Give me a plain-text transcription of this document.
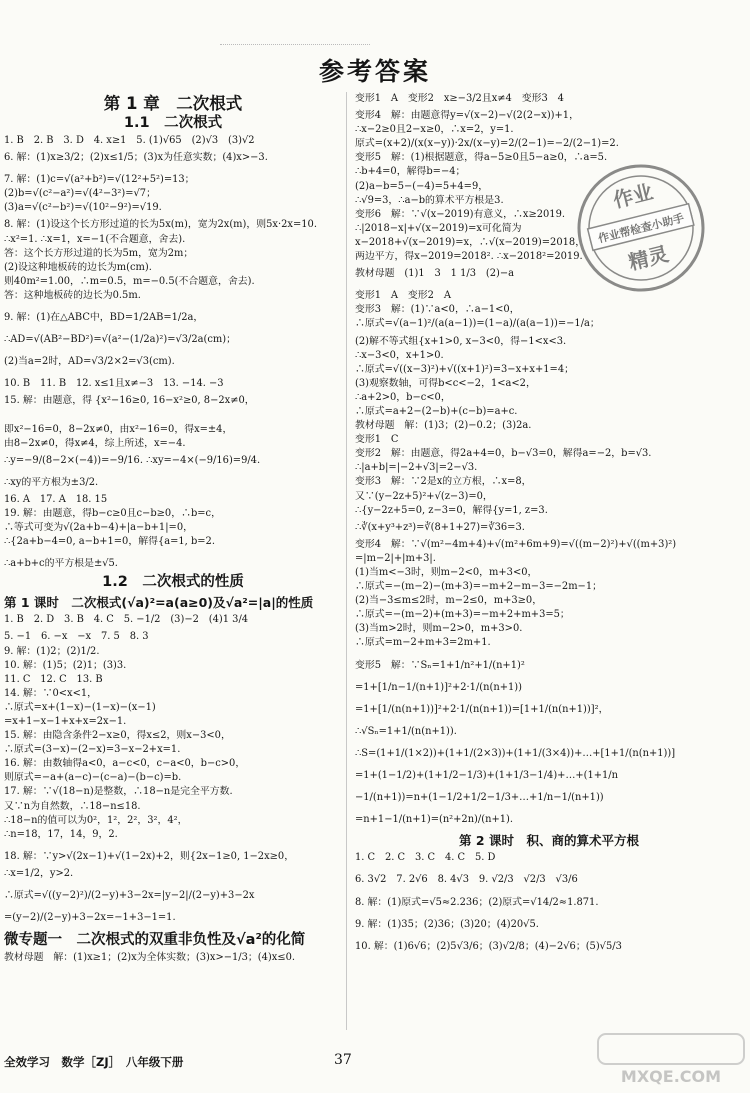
参考答案
第 1 章　二次根式
1.1　二次根式
1. B　2. B　3. D　4. x≥1　5. (1)√65　(2)√3　(3)√2
6. 解：(1)x≥3/2；(2)x≤1/5；(3)x为任意实数；(4)x>−3.
7. 解：(1)c=√(a²+b²)=√(12²+5²)=13；
(2)b=√(c²−a²)=√(4²−3²)=√7；
(3)a=√(c²−b²)=√(10²−9²)=√19.
8. 解：(1)设这个长方形过道的长为5x(m)，宽为2x(m)，则5x·2x=10.
∴x²=1. ∴x=1，x=−1(不合题意，舍去).
答：这个长方形过道的长为5m，宽为2m；
(2)设这种地板砖的边长为m(cm).
则40m²=1.00，∴m=0.5，m=−0.5(不合题意，舍去).
答：这种地板砖的边长为0.5m.
9. 解：(1)在△ABC中，BD=1/2AB=1/2a，
∴AD=√(AB²−BD²)=√(a²−(1/2a)²)=√3/2a(cm)；
(2)当a=2时，AD=√3/2×2=√3(cm).
10. B　11. B　12. x≤1且x≠−3　13. −14. −3
15. 解：由题意，得 {x²−16≥0, 16−x²≥0, 8−2x≠0，
即x²−16=0，8−2x≠0，由x²−16=0，得x=±4，
由8−2x≠0，得x≠4，综上所述，x=−4.
∴y=−9/(8−2×(−4))=−9/16. ∴xy=−4×(−9/16)=9/4.
∴xy的平方根为±3/2.
16. A　17. A　18. 15
19. 解：由题意，得b−c≥0且c−b≥0，∴b=c，
∴等式可变为√(2a+b−4)+|a−b+1|=0，
∴{2a+b−4=0, a−b+1=0，解得{a=1, b=2.
∴a+b+c的平方根是±√5.
1.2　二次根式的性质
第 1 课时　二次根式(√a)²=a(a≥0)及√a²=|a|的性质
1. B　2. D　3. B　4. C　5. −1/2　(3)−2　(4)1 3/4
5. −1　6. −x　−x　7. 5　8. 3
9. 解：(1)2；(2)1/2.
10. 解：(1)5；(2)1；(3)3.
11. C　12. C　13. B
14. 解：∵0<x<1，
∴原式=x+(1−x)−(1−x)−(x−1)
=x+1−x−1+x+x=2x−1.
15. 解：由隐含条件2−x≥0，得x≤2，则x−3<0，
∴原式=(3−x)−(2−x)=3−x−2+x=1.
16. 解：由数轴得a<0，a−c<0，c−a<0，b−c>0，
则原式=−a+(a−c)−(c−a)−(b−c)=b.
17. 解：∵√(18−n)是整数，∴18−n是完全平方数.
又∵n为自然数，∴18−n≤18.
∴18−n的值可以为0²，1²，2²，3²，4²，
∴n=18，17，14，9，2.
18. 解：∵y>√(2x−1)+√(1−2x)+2，则{2x−1≥0, 1−2x≥0，
∴x=1/2，y>2.
∴原式=√((y−2)²)/(2−y)+3−2x=|y−2|/(2−y)+3−2x
=(y−2)/(2−y)+3−2x=−1+3−1=1.
微专题一　二次根式的双重非负性及√a²的化简
教材母题　解：(1)x≥1；(2)x为全体实数；(3)x>−1/3；(4)x≤0.
变形1　A　变形2　x≥−3/2且x≠4　变形3　4
变形4　解：由题意得y=√(x−2)−√(2(2−x))+1，
∴x−2≥0且2−x≥0，∴x=2，y=1.
原式=(x+2)/(x(x−y))·2x/(x−y)=2/(2−1)=−2/(2−1)=2.
变形5　解：(1)根据题意，得a−5≥0且5−a≥0，∴a=5.
∴b+4=0，解得b=−4；
(2)a−b=5−(−4)=5+4=9，
∴√9=3，∴a−b的算术平方根是3.
变形6　解：∵√(x−2019)有意义，∴x≥2019.
∴|2018−x|+√(x−2019)=x可化简为
x−2018+√(x−2019)=x，∴√(x−2019)=2018，
两边平方，得x−2019=2018². ∴x−2018²=2019.
教材母题　(1)1　3　1 1/3　(2)−a
变形1　A　变形2　A
变形3　解：(1)∵a<0，∴a−1<0，
∴原式=√(a−1)²/(a(a−1))=(1−a)/(a(a−1))=−1/a；
(2)解不等式组{x+1>0, x−3<0，得−1<x<3.
∴x−3<0，x+1>0.
∴原式=√((x−3)²)+√((x+1)²)=3−x+x+1=4；
(3)观察数轴，可得b<c<−2，1<a<2，
∴a+2>0，b−c<0，
∴原式=a+2−(2−b)+(c−b)=a+c.
教材母题　解：(1)3；(2)−0.2；(3)2a.
变形1　C
变形2　解：由题意，得2a+4=0，b−√3=0，解得a=−2，b=√3.
∴|a+b|=|−2+√3|=2−√3.
变形3　解：∵2是x的立方根，∴x=8，
又∵(y−2z+5)²+√(z−3)=0，
∴{y−2z+5=0, z−3=0，解得{y=1, z=3.
∴∛(x+y³+z³)=∛(8+1+27)=∛36=3.
变形4　解：∵√(m²−4m+4)+√(m²+6m+9)=√((m−2)²)+√((m+3)²)
=|m−2|+|m+3|.
(1)当m<−3时，则m−2<0，m+3<0，
∴原式=−(m−2)−(m+3)=−m+2−m−3=−2m−1；
(2)当−3≤m≤2时，m−2≤0，m+3≥0，
∴原式=−(m−2)+(m+3)=−m+2+m+3=5；
(3)当m>2时，则m−2>0，m+3>0.
∴原式=m−2+m+3=2m+1.
变形5　解：∵Sₙ=1+1/n²+1/(n+1)²
=1+[1/n−1/(n+1)]²+2·1/(n(n+1))
=1+[1/(n(n+1))]²+2·1/(n(n+1))=[1+1/(n(n+1))]²，
∴√Sₙ=1+1/(n(n+1)).
∴S=(1+1/(1×2))+(1+1/(2×3))+(1+1/(3×4))+…+[1+1/(n(n+1))]
=1+(1−1/2)+(1+1/2−1/3)+(1+1/3−1/4)+…+(1+1/n
−1/(n+1))=n+(1−1/2+1/2−1/3+…+1/n−1/(n+1))
=n+1−1/(n+1)=(n²+2n)/(n+1).
第 2 课时　积、商的算术平方根
1. C　2. C　3. C　4. C　5. D
6. 3√2　7. 2√6　8. 4√3　9. √2/3　√2/3　√3/6
8. 解：(1)原式=√5≈2.236；(2)原式=√14/2≈1.871.
9. 解：(1)35；(2)36；(3)20；(4)20√5.
10. 解：(1)6√6；(2)5√3/6；(3)√2/8；(4)−2√6；(5)√5/3
作业
作业帮检查小助手
精灵
全效学习　数学［ZJ］　八年级下册	37
MXQE.COM
